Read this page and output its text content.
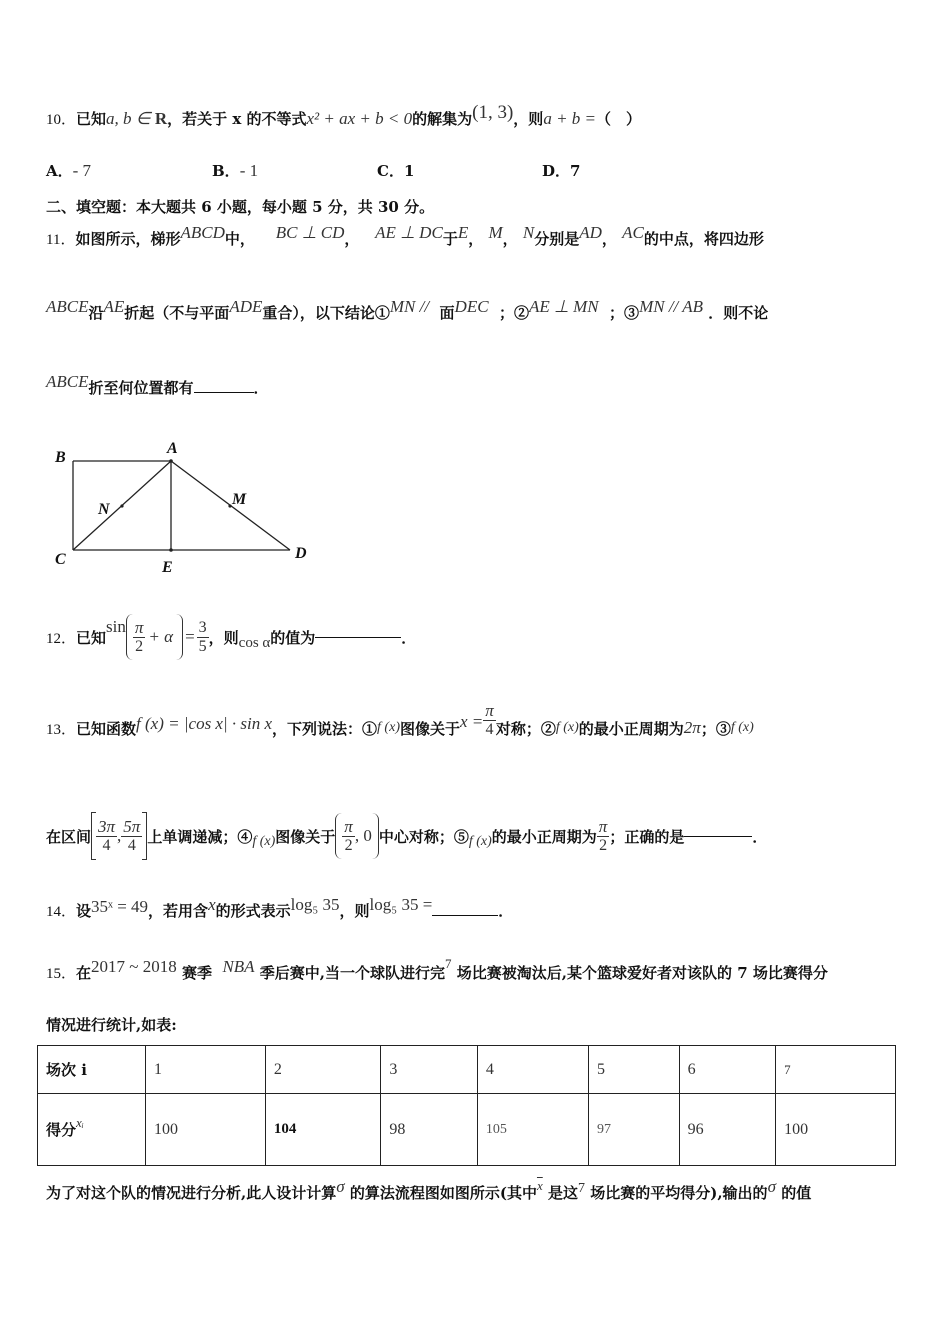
10．已知a, b ∈ R，若关于 x 的不等式x² + ax + b < 0的解集为(1, 3)，则a + b =（　）
A．- 7	B．- 1	C．1	D．7
二、填空题：本大题共 6 小题，每小题 5 分，共 30 分。
11．如图所示，梯形ABCD中， BC ⊥ CD， AE ⊥ DC于E， M， N分别是AD， AC的中点，将四边形
ABCE沿AE折起（不与平面ADE重合），以下结论①MN // 面DEC ；②AE ⊥ MN ；③MN // AB ．则不论
ABCE折至何位置都有	．
B
A
M
N
C	E
D
12． 已知
$\sin \frac{\pi}{2} + \alpha = \frac{3}{5}$ ，则 cos α 的值为	．
13． 已知函数 f (x) = |cos x| · sin x ，下列说法：① f (x) 图像关于 $x = \frac{\pi}{4}$ 对称；② f (x) 的最小正周期为 2π ；③ f (x)
在区间 $\frac{3\pi}{4}$ , $\frac{5\pi}{4}$ 上单调递减；④ f (x) 图像关于 $\frac{\pi}{2}$ , 0 中心对称；⑤ f (x) 的最小正周期为 $\frac{\pi}{2}$ ；正确的是	．
14．设35ˣ = 49，若用含x的形式表示log₅ 35，则log₅ 35 =	．
15．在2017 ~ 2018 赛季 NBA 季后赛中,当一个球队进行完7 场比赛被淘汰后,某个篮球爱好者对该队的 7 场比赛得分
情况进行统计,如表:
场次 i	1	2	3	4	5	6	7
得分xᵢ	100	104	98	105	97	96	100
为了对这个队的情况进行分析,此人设计计算σ 的算法流程图如图所示(其中$\overline{x}$ 是这7 场比赛的平均得分),输出的σ 的值
